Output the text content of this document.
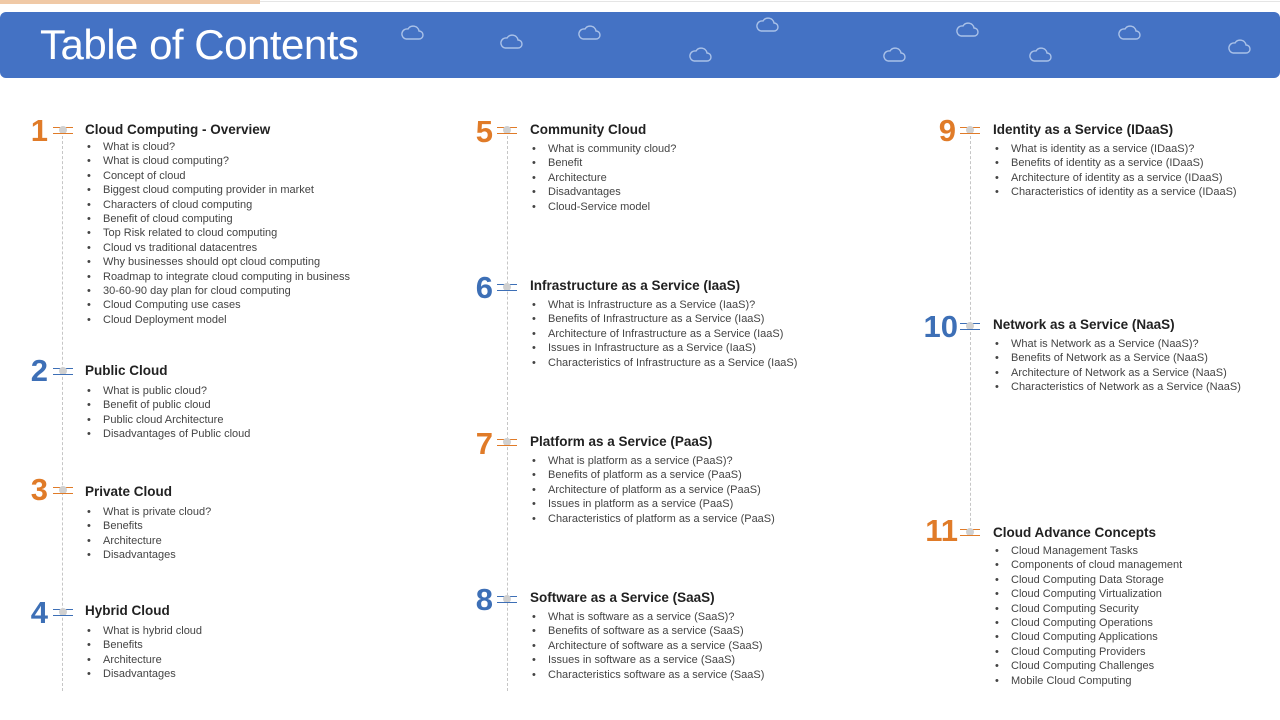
Table of Contents
1	Cloud Computing - Overview
• What is cloud?
• What is cloud computing?
• Concept of cloud
• Biggest cloud computing provider in market
• Characters of cloud computing
• Benefit of cloud computing
• Top Risk related to cloud computing
• Cloud vs traditional datacentres
• Why businesses should opt cloud computing
• Roadmap to integrate cloud computing in business
• 30-60-90 day plan for cloud computing
• Cloud Computing use cases
• Cloud Deployment model
2	Public Cloud
• What is public cloud?
• Benefit of public cloud
• Public cloud Architecture
• Disadvantages of Public cloud
3	Private Cloud
• What is private cloud?
• Benefits
• Architecture
• Disadvantages
4	Hybrid Cloud
• What is hybrid cloud
• Benefits
• Architecture
• Disadvantages
5	Community Cloud
• What is community cloud?
• Benefit
• Architecture
• Disadvantages
• Cloud-Service model
6	Infrastructure as a Service (IaaS)
• What is Infrastructure as a Service (IaaS)?
• Benefits of Infrastructure as a Service (IaaS)
• Architecture of Infrastructure as a Service (IaaS)
• Issues in Infrastructure as a Service (IaaS)
• Characteristics of Infrastructure as a Service (IaaS)
7	Platform as a Service (PaaS)
• What is platform as a service (PaaS)?
• Benefits of platform as a service (PaaS)
• Architecture of platform as a service (PaaS)
• Issues in platform as a service (PaaS)
• Characteristics of platform as a service (PaaS)
8	Software as a Service (SaaS)
• What is software as a service (SaaS)?
• Benefits of software as a service (SaaS)
• Architecture of software as a service (SaaS)
• Issues in software as a service (SaaS)
• Characteristics software as a service (SaaS)
9	Identity as a Service (IDaaS)
• What is identity as a service (IDaaS)?
• Benefits of identity as a service (IDaaS)
• Architecture of identity as a service (IDaaS)
• Characteristics of identity as a service (IDaaS)
10	Network as a Service (NaaS)
• What is Network as a Service (NaaS)?
• Benefits of Network as a Service (NaaS)
• Architecture of Network as a Service (NaaS)
• Characteristics of Network as a Service (NaaS)
11	Cloud Advance Concepts
• Cloud Management Tasks
• Components of cloud management
• Cloud Computing Data Storage
• Cloud Computing Virtualization
• Cloud Computing Security
• Cloud Computing Operations
• Cloud Computing Applications
• Cloud Computing Providers
• Cloud Computing Challenges
• Mobile Cloud Computing
